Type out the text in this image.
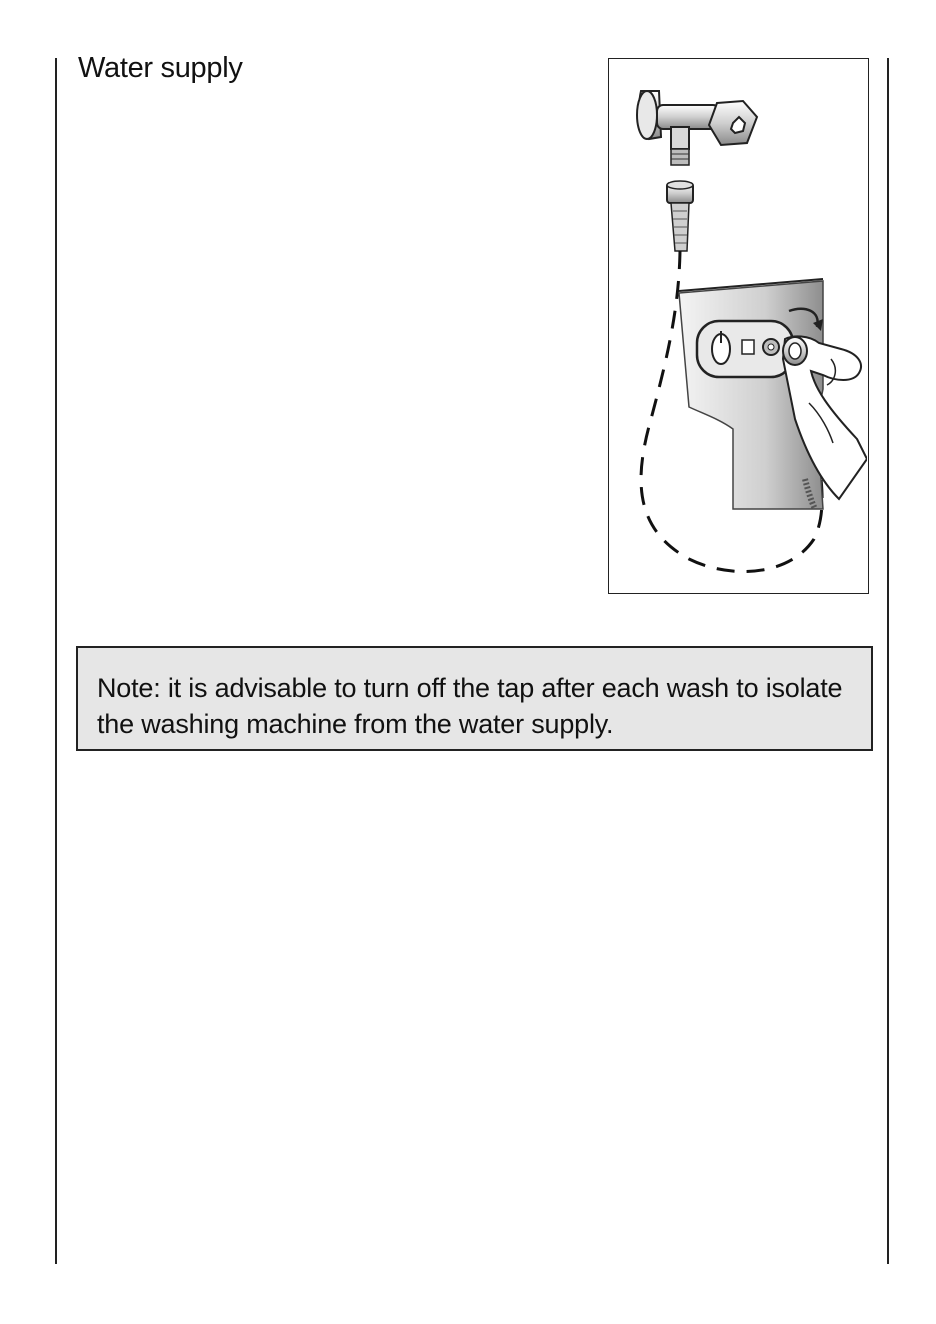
Water supply

Note: it is advisable to turn off the tap after each wash to isolate the washing machine from the water supply.
